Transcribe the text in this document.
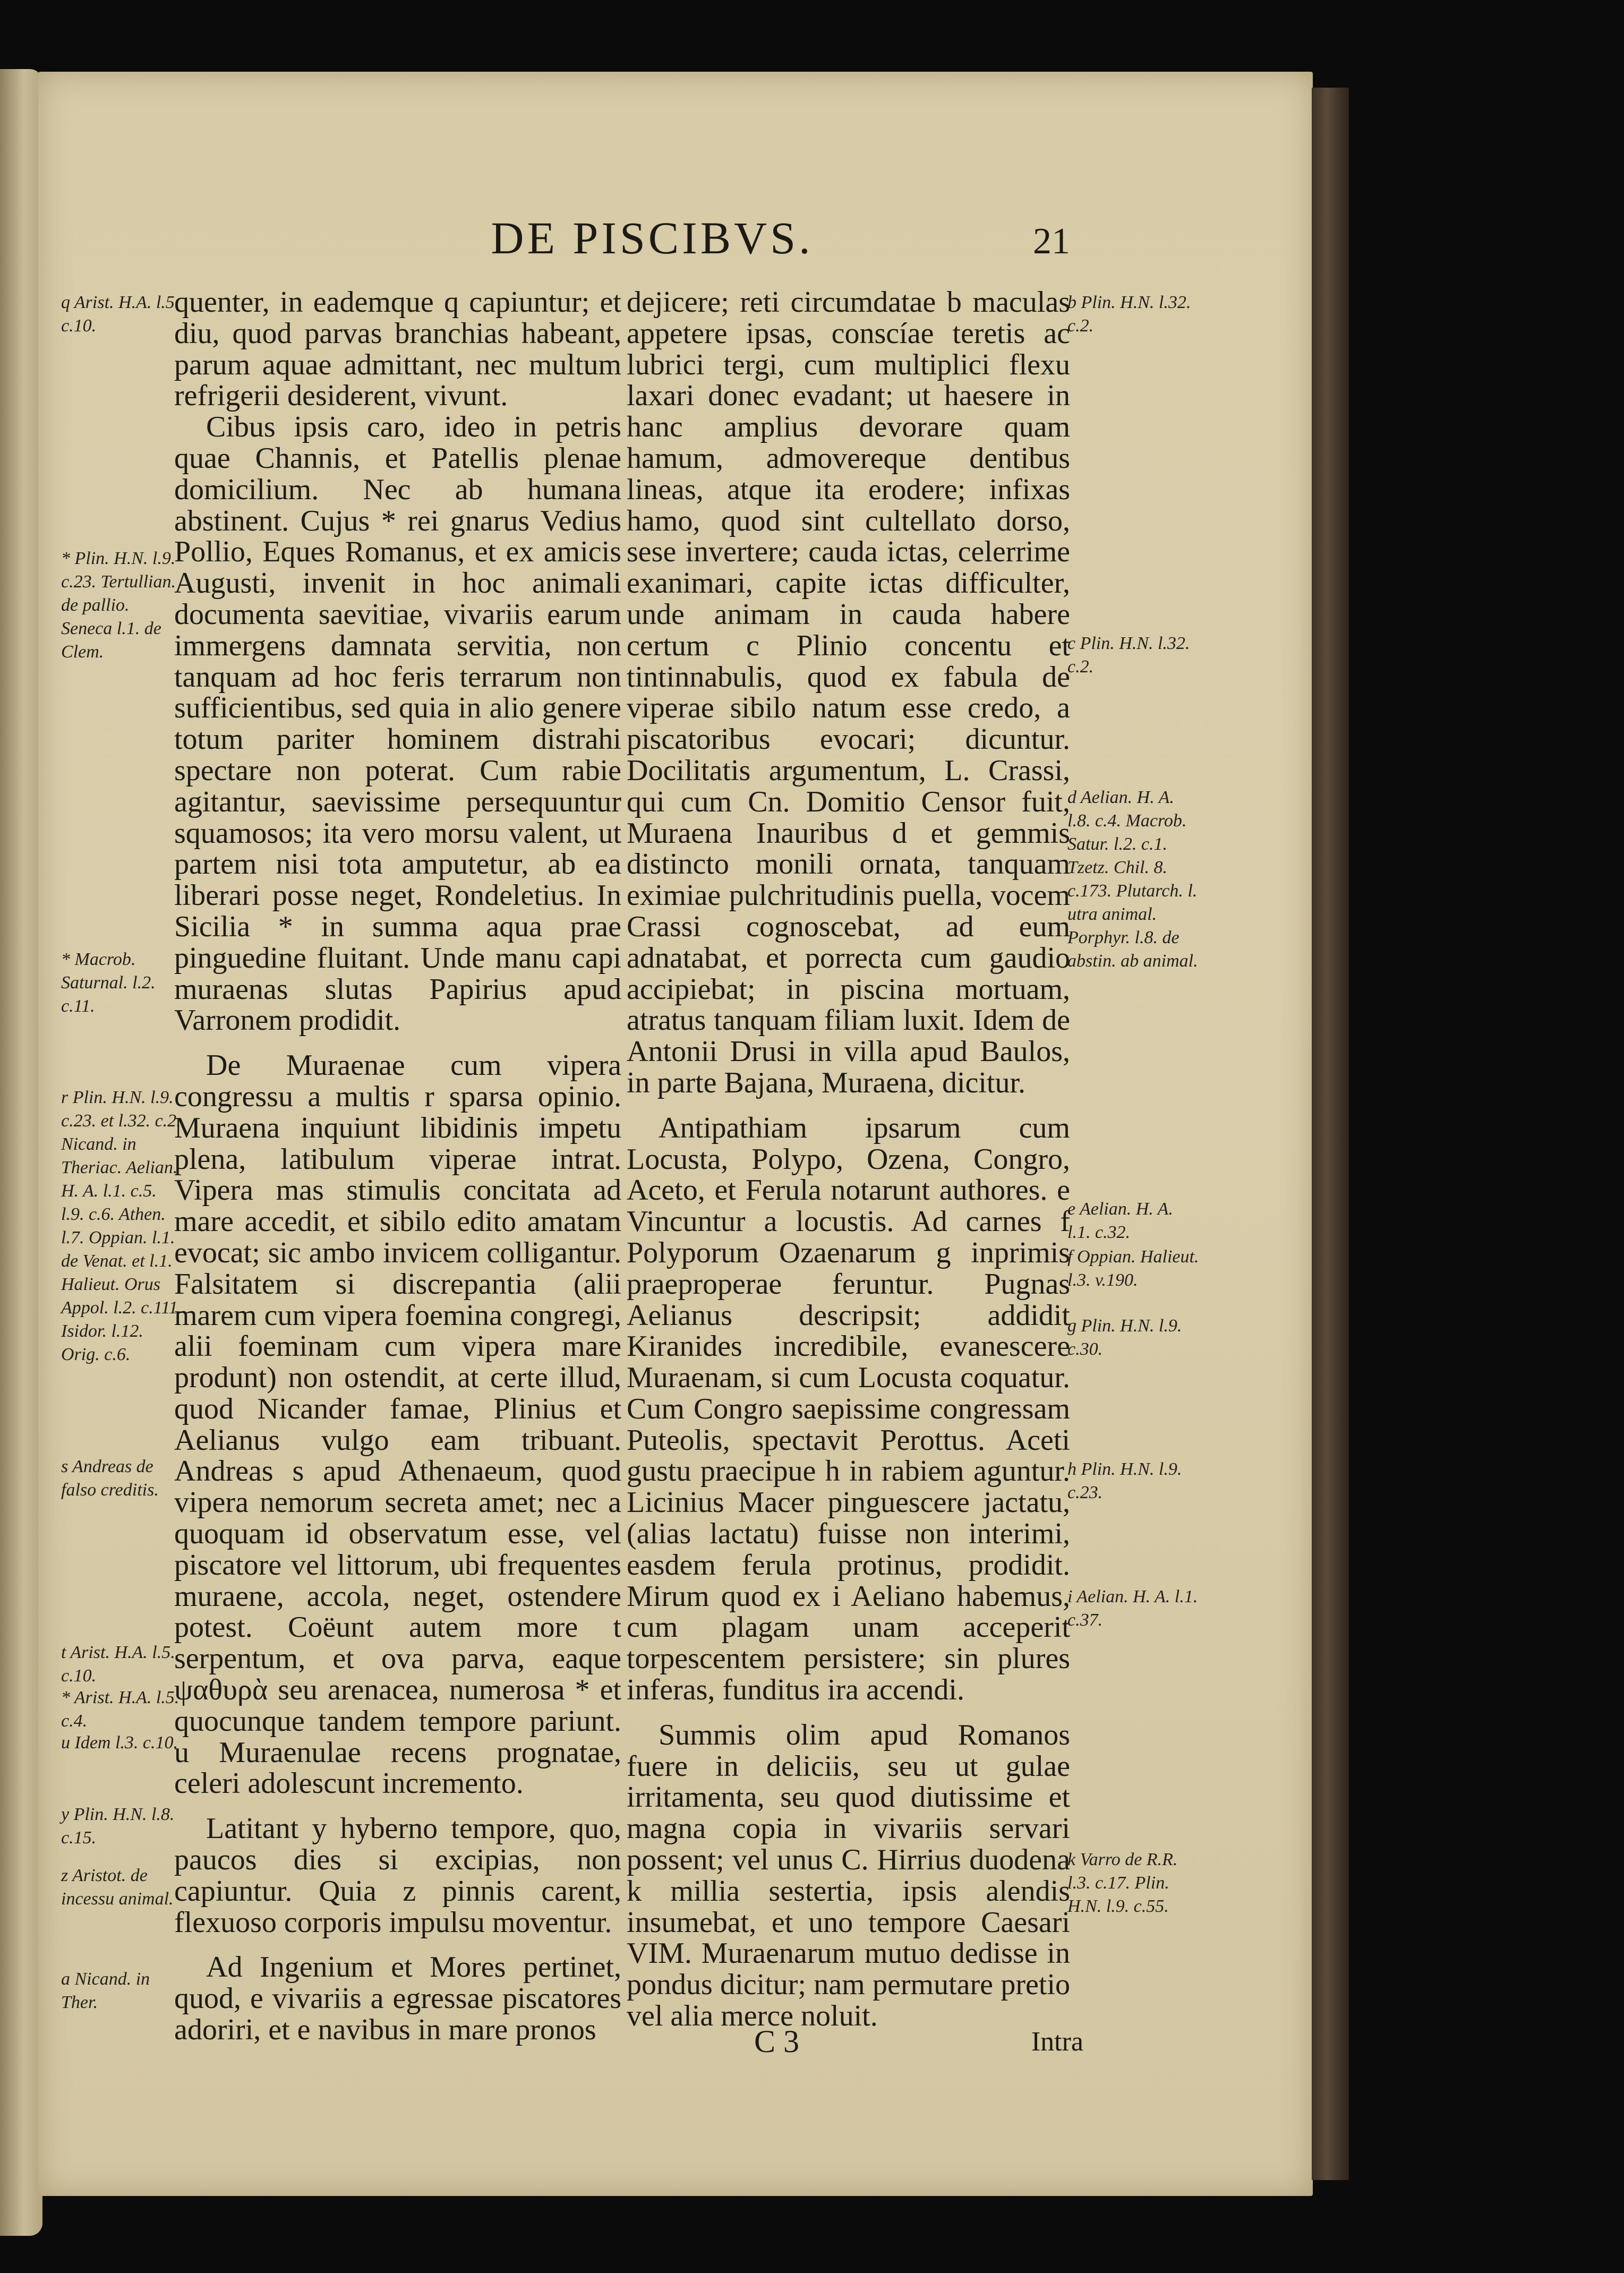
DE PISCIBVS.	21
q Arist. H.A. l.5. c.10.
* Plin. H.N. l.9. c.23. Tertullian. de pallio. Seneca l.1. de Clem.
* Macrob. Saturnal. l.2. c.11.
r Plin. H.N. l.9. c.23. et l.32. c.2. Nicand. in Theriac. Aelian. H. A. l.1. c.5. l.9. c.6. Athen. l.7. Oppian. l.1. de Venat. et l.1. Halieut. Orus Appol. l.2. c.111. Isidor. l.12. Orig. c.6.
s Andreas de falso creditis.
t Arist. H.A. l.5. c.10.
* Arist. H.A. l.5. c.4.
u Idem l.3. c.10.
y Plin. H.N. l.8. c.15.
z Aristot. de incessu animal.
a Nicand. in Ther.

quenter, in eademque q capiuntur; et diu, quod parvas branchias habeant, parum aquae admittant, nec multum refrigerii desiderent, vivunt.

Cibus ipsis caro, ideo in petris quae Channis, et Patellis plenae domicilium. Nec ab humana abstinent. Cujus * rei gnarus Vedius Pollio, Eques Romanus, et ex amicis Augusti, invenit in hoc animali documenta saevitiae, vivariis earum immergens damnata servitia, non tanquam ad hoc feris terrarum non sufficientibus, sed quia in alio genere totum pariter hominem distrahi spectare non poterat. Cum rabie agitantur, saevissime persequuntur squamosos; ita vero morsu valent, ut partem nisi tota amputetur, ab ea liberari posse neget, Rondeletius. In Sicilia * in summa aqua prae pinguedine fluitant. Unde manu capi muraenas slutas Papirius apud Varronem prodidit.

De Muraenae cum vipera congressu a multis r sparsa opinio. Muraena inquiunt libidinis impetu plena, latibulum viperae intrat. Vipera mas stimulis concitata ad mare accedit, et sibilo edito amatam evocat; sic ambo invicem colligantur. Falsitatem si discrepantia (alii marem cum vipera foemina congregi, alii foeminam cum vipera mare produnt) non ostendit, at certe illud, quod Nicander famae, Plinius et Aelianus vulgo eam tribuant. Andreas s apud Athenaeum, quod vipera nemorum secreta amet; nec a quoquam id observatum esse, vel piscatore vel littorum, ubi frequentes muraene, accola, neget, ostendere potest. Coëunt autem more t serpentum, et ova parva, eaque ψαθυρὰ seu arenacea, numerosa * et quocunque tandem tempore pariunt. u Muraenulae recens prognatae, celeri adolescunt incremento.

Latitant y hyberno tempore, quo, paucos dies si excipias, non capiuntur. Quia z pinnis carent, flexuoso corporis impulsu moventur.

Ad Ingenium et Mores pertinet, quod, e vivariis a egressae piscatores adoriri, et e navibus in mare pronos

dejicere; reti circumdatae b maculas appetere ipsas, conscíae teretis ac lubrici tergi, cum multiplici flexu laxari donec evadant; ut haesere in hanc amplius devorare quam hamum, admovereque dentibus lineas, atque ita erodere; infixas hamo, quod sint cultellato dorso, sese invertere; cauda ictas, celerrime exanimari, capite ictas difficulter, unde animam in cauda habere certum c Plinio concentu et tintinnabulis, quod ex fabula de viperae sibilo natum esse credo, a piscatoribus evocari; dicuntur. Docilitatis argumentum, L. Crassi, qui cum Cn. Domitio Censor fuit, Muraena Inauribus d et gemmis distincto monili ornata, tanquam eximiae pulchritudinis puella, vocem Crassi cognoscebat, ad eum adnatabat, et porrecta cum gaudio accipiebat; in piscina mortuam, atratus tanquam filiam luxit. Idem de Antonii Drusi in villa apud Baulos, in parte Bajana, Muraena, dicitur.

Antipathiam ipsarum cum Locusta, Polypo, Ozena, Congro, Aceto, et Ferula notarunt authores. e Vincuntur a locustis. Ad carnes f Polyporum Ozaenarum g inprimis praeproperae feruntur. Pugnas Aelianus descripsit; addidit Kiranides incredibile, evanescere Muraenam, si cum Locusta coquatur. Cum Congro saepissime congressam Puteolis, spectavit Perottus. Aceti gustu praecipue h in rabiem aguntur. Licinius Macer pinguescere jactatu, (alias lactatu) fuisse non interimi, easdem ferula protinus, prodidit. Mirum quod ex i Aeliano habemus, cum plagam unam acceperit torpescentem persistere; sin plures inferas, funditus ira accendi.

Summis olim apud Romanos fuere in deliciis, seu ut gulae irritamenta, seu quod diutissime et magna copia in vivariis servari possent; vel unus C. Hirrius duodena k millia sestertia, ipsis alendis insumebat, et uno tempore Caesari VIM. Muraenarum mutuo dedisse in pondus dicitur; nam permutare pretio vel alia merce noluit.

b Plin. H.N. l.32. c.2.
c Plin. H.N. l.32. c.2.
d Aelian. H. A. l.8. c.4. Macrob. Satur. l.2. c.1. Tzetz. Chil. 8. c.173. Plutarch. l. utra animal. Porphyr. l.8. de abstin. ab animal.
e Aelian. H. A. l.1. c.32.
f Oppian. Halieut. l.3. v.190.
g Plin. H.N. l.9. c.30.
h Plin. H.N. l.9. c.23.
i Aelian. H. A. l.1. c.37.
k Varro de R.R. l.3. c.17. Plin. H.N. l.9. c.55.
C 3	Intra
